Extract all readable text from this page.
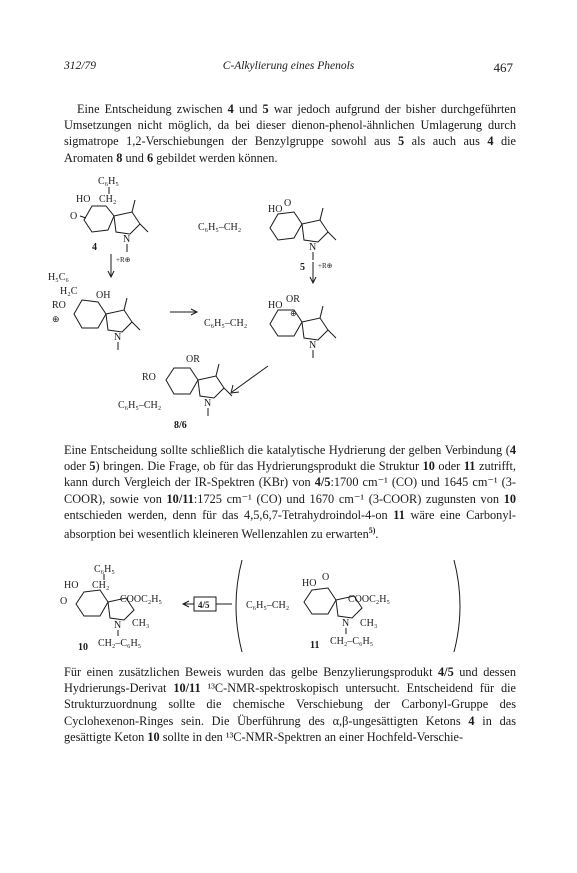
312/79	C-Alkylierung eines Phenols	467

Eine Entscheidung zwischen 4 und 5 war jedoch aufgrund der bisher durchgeführten Umsetzungen nicht möglich, da bei dieser dienon-phenol-ähnlichen Umlagerung durch sigmatrope 1,2-Verschiebungen der Benzylgruppe sowohl aus 5 als auch aus 4 die Aromaten 8 und 6 gebildet werden können.

C₆H₅
HO CH₂
O
N
4
HO
O
C₆H₅–CH₂
N
5
+R⊕
+R⊕
H₅C₆
H₂C
RO
OH
⊕
N
HO
OR
⊕
C₆H₅–CH₂
N
OR
RO
C₆H₅–CH₂	N
8/6

Eine Entscheidung sollte schließlich die katalytische Hydrierung der gelben Verbindung (4 oder 5) bringen. Die Frage, ob für das Hydrierungsprodukt die Struktur 10 oder 11 zutrifft, kann durch Vergleich der IR-Spektren (KBr) von 4/5:1700 cm⁻¹ (CO) und 1645 cm⁻¹ (3-COOR), sowie von 10/11:1725 cm⁻¹ (CO) und 1670 cm⁻¹ (3-COOR) zugunsten von 10 entschieden werden, denn für das 4,5,6,7-Tetrahydroindol-4-on 11 wäre eine Carbonyl-absorption bei wesentlich kleineren Wellenzahlen zu erwarten$^{5)}$.

C₆H₅
HO CH₂
O	COOC₂H₅
N CH₃
CH₂–C₆H₅
10
4/5
HO
O
C₆H₅–CH₂
COOC₂H₅
N CH₃
CH₂–C₆H₅
11

Für einen zusätzlichen Beweis wurden das gelbe Benzylierungsprodukt 4/5 und dessen Hydrierungs-Derivat 10/11 ¹³C-NMR-spektroskopisch untersucht. Entscheidend für die Strukturzuordnung sollte die chemische Verschiebung der Carbonyl-Gruppe des Cyclohexenon-Ringes sein. Die Überführung des α,β-ungesättigten Ketons 4 in das gesättigte Keton 10 sollte in den ¹³C-NMR-Spektren an einer Hochfeld-Verschie-
